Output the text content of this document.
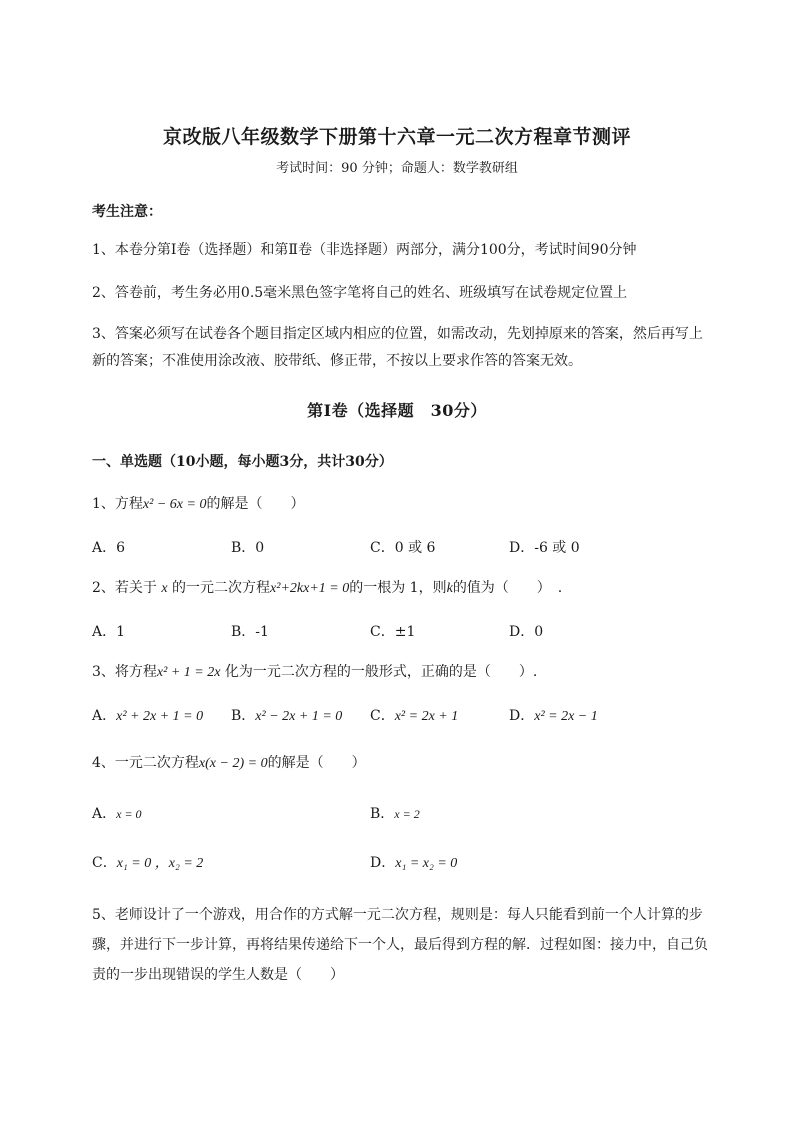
京改版八年级数学下册第十六章一元二次方程章节测评
考试时间：90 分钟；命题人：数学教研组
考生注意：
1、本卷分第Ⅰ卷（选择题）和第Ⅱ卷（非选择题）两部分，满分100分，考试时间90分钟
2、答卷前，考生务必用0.5毫米黑色签字笔将自己的姓名、班级填写在试卷规定位置上
3、答案必须写在试卷各个题目指定区域内相应的位置，如需改动，先划掉原来的答案，然后再写上新的答案；不准使用涂改液、胶带纸、修正带，不按以上要求作答的答案无效。
第Ⅰ卷（选择题　30分）
一、单选题（10小题，每小题3分，共计30分）
1、方程x² − 6x = 0的解是（　　）
A．6	B．0	C．0 或 6	D．-6 或 0
2、若关于 x 的一元二次方程x²+2kx+1 = 0的一根为 1，则k的值为（　　）　.
A．1	B．-1	C．±1	D．0
3、将方程x² + 1 = 2x 化为一元二次方程的一般形式，正确的是（　　）.
A．x² + 2x + 1 = 0 B．x² − 2x + 1 = 0 C．x² = 2x + 1	D．x² = 2x − 1
4、一元二次方程x(x − 2) = 0的解是（　　）
A．x = 0	B．x = 2
C．x₁ = 0 ，x₂ = 2	D．x₁ = x₂ = 0
5、老师设计了一个游戏，用合作的方式解一元二次方程，规则是：每人只能看到前一个人计算的步骤，并进行下一步计算，再将结果传递给下一个人，最后得到方程的解．过程如图：接力中，自己负责的一步出现错误的学生人数是（　　）
